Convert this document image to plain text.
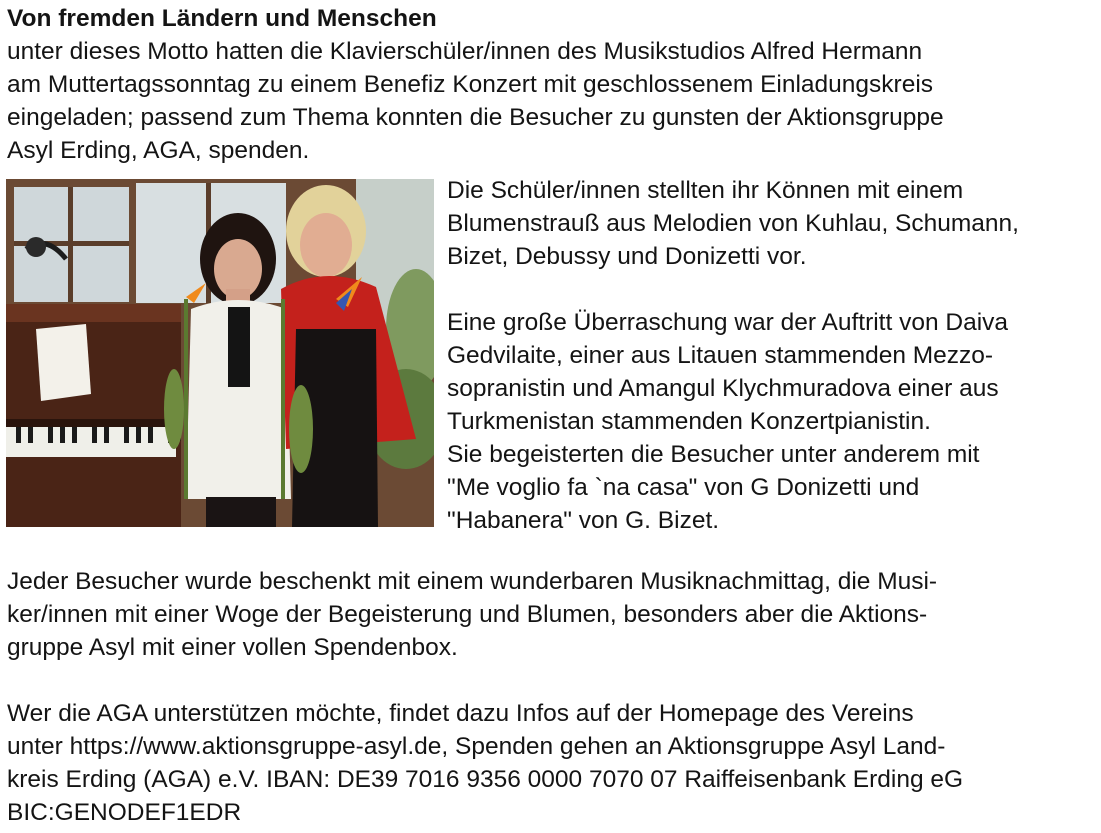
Von fremden Ländern und Menschen

unter dieses Motto hatten die Klavierschüler/innen des Musikstudios Alfred Hermann

am Muttertagssonntag zu einem Benefiz Konzert mit geschlossenem Einladungskreis

eingeladen; passend zum Thema konnten die Besucher zu gunsten der Aktionsgruppe

Asyl Erding, AGA, spenden.

Die Schüler/innen stellten ihr Können mit einem

Blumenstrauß aus Melodien von Kuhlau, Schumann,

Bizet, Debussy und Donizetti vor.

Eine große Überraschung war der Auftritt von Daiva

Gedvilaite, einer aus Litauen stammenden Mezzo-

sopranistin und Amangul Klychmuradova einer aus

Turkmenistan stammenden Konzertpianistin.

Sie begeisterten die Besucher unter anderem mit

"Me voglio fa `na casa" von G Donizetti und

"Habanera" von G. Bizet.

Jeder Besucher wurde beschenkt mit einem wunderbaren Musiknachmittag, die Musi-

ker/innen mit einer Woge der Begeisterung und Blumen, besonders aber die Aktions-

gruppe Asyl mit einer vollen Spendenbox.

Wer die AGA unterstützen möchte, findet dazu Infos auf der Homepage des Vereins

unter https://www.aktionsgruppe-asyl.de, Spenden gehen an Aktionsgruppe Asyl Land-

kreis Erding (AGA) e.V. IBAN: DE39 7016 9356 0000 7070 07 Raiffeisenbank Erding eG

BIC:GENODEF1EDR
